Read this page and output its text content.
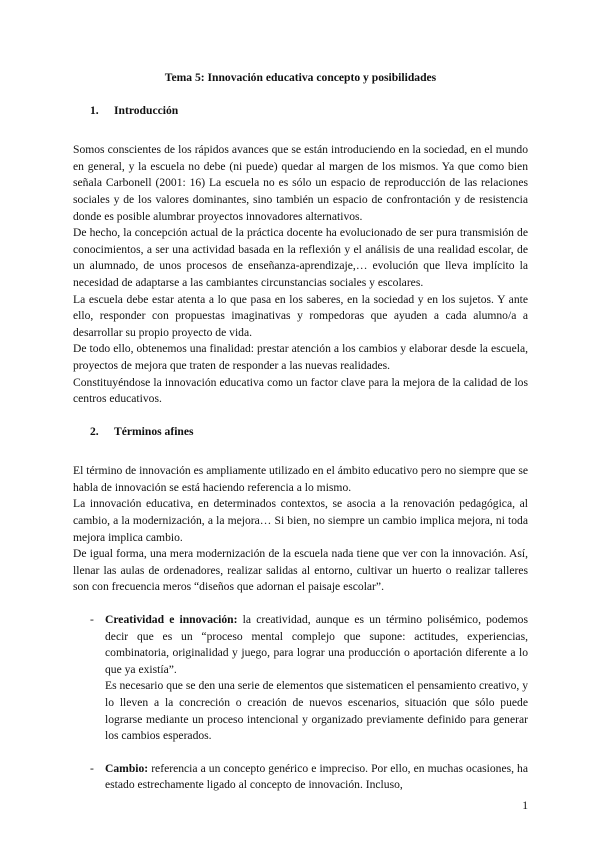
Tema 5: Innovación educativa concepto y posibilidades

1. Introducción

Somos conscientes de los rápidos avances que se están introduciendo en la sociedad, en el mundo en general, y la escuela no debe (ni puede) quedar al margen de los mismos. Ya que como bien señala Carbonell (2001: 16) La escuela no es sólo un espacio de reproducción de las relaciones sociales y de los valores dominantes, sino también un espacio de confrontación y de resistencia donde es posible alumbrar proyectos innovadores alternativos.

De hecho, la concepción actual de la práctica docente ha evolucionado de ser pura transmisión de conocimientos, a ser una actividad basada en la reflexión y el análisis de una realidad escolar, de un alumnado, de unos procesos de enseñanza-aprendizaje,… evolución que lleva implícito la necesidad de adaptarse a las cambiantes circunstancias sociales y escolares.

La escuela debe estar atenta a lo que pasa en los saberes, en la sociedad y en los sujetos. Y ante ello, responder con propuestas imaginativas y rompedoras que ayuden a cada alumno/a a desarrollar su propio proyecto de vida.

De todo ello, obtenemos una finalidad: prestar atención a los cambios y elaborar desde la escuela, proyectos de mejora que traten de responder a las nuevas realidades.

Constituyéndose la innovación educativa como un factor clave para la mejora de la calidad de los centros educativos.

2. Términos afines

El término de innovación es ampliamente utilizado en el ámbito educativo pero no siempre que se habla de innovación se está haciendo referencia a lo mismo.

La innovación educativa, en determinados contextos, se asocia a la renovación pedagógica, al cambio, a la modernización, a la mejora… Si bien, no siempre un cambio implica mejora, ni toda mejora implica cambio.

De igual forma, una mera modernización de la escuela nada tiene que ver con la innovación. Así, llenar las aulas de ordenadores, realizar salidas al entorno, cultivar un huerto o realizar talleres son con frecuencia meros “diseños que adornan el paisaje escolar”.

- Creatividad e innovación: la creatividad, aunque es un término polisémico, podemos decir que es un “proceso mental complejo que supone: actitudes, experiencias, combinatoria, originalidad y juego, para lograr una producción o aportación diferente a lo que ya existía”.

Es necesario que se den una serie de elementos que sistematicen el pensamiento creativo, y lo lleven a la concreción o creación de nuevos escenarios, situación que sólo puede lograrse mediante un proceso intencional y organizado previamente definido para generar los cambios esperados.

- Cambio: referencia a un concepto genérico e impreciso. Por ello, en muchas ocasiones, ha estado estrechamente ligado al concepto de innovación. Incluso,

1
